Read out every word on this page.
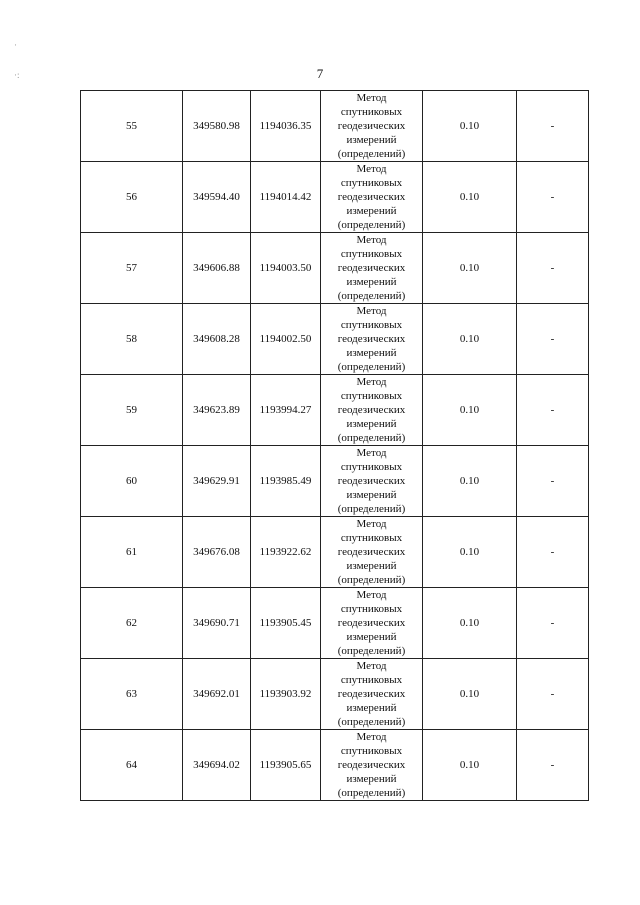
·

·:	7
55	349580.98	1194036.35	Метод
спутниковых
геодезических
измерений
(определений)	0.10	-
56	349594.40	1194014.42	Метод
спутниковых
геодезических
измерений
(определений)	0.10	-
57	349606.88	1194003.50	Метод
спутниковых
геодезических
измерений
(определений)	0.10	-
58	349608.28	1194002.50	Метод
спутниковых
геодезических
измерений
(определений)	0.10	-
59	349623.89	1193994.27	Метод
спутниковых
геодезических
измерений
(определений)	0.10	-
60	349629.91	1193985.49	Метод
спутниковых
геодезических
измерений
(определений)	0.10	-
61	349676.08	1193922.62	Метод
спутниковых
геодезических
измерений
(определений)	0.10	-
62	349690.71	1193905.45	Метод
спутниковых
геодезических
измерений
(определений)	0.10	-
63	349692.01	1193903.92	Метод
спутниковых
геодезических
измерений
(определений)	0.10	-
64	349694.02	1193905.65	Метод
спутниковых
геодезических
измерений
(определений)	0.10	-
